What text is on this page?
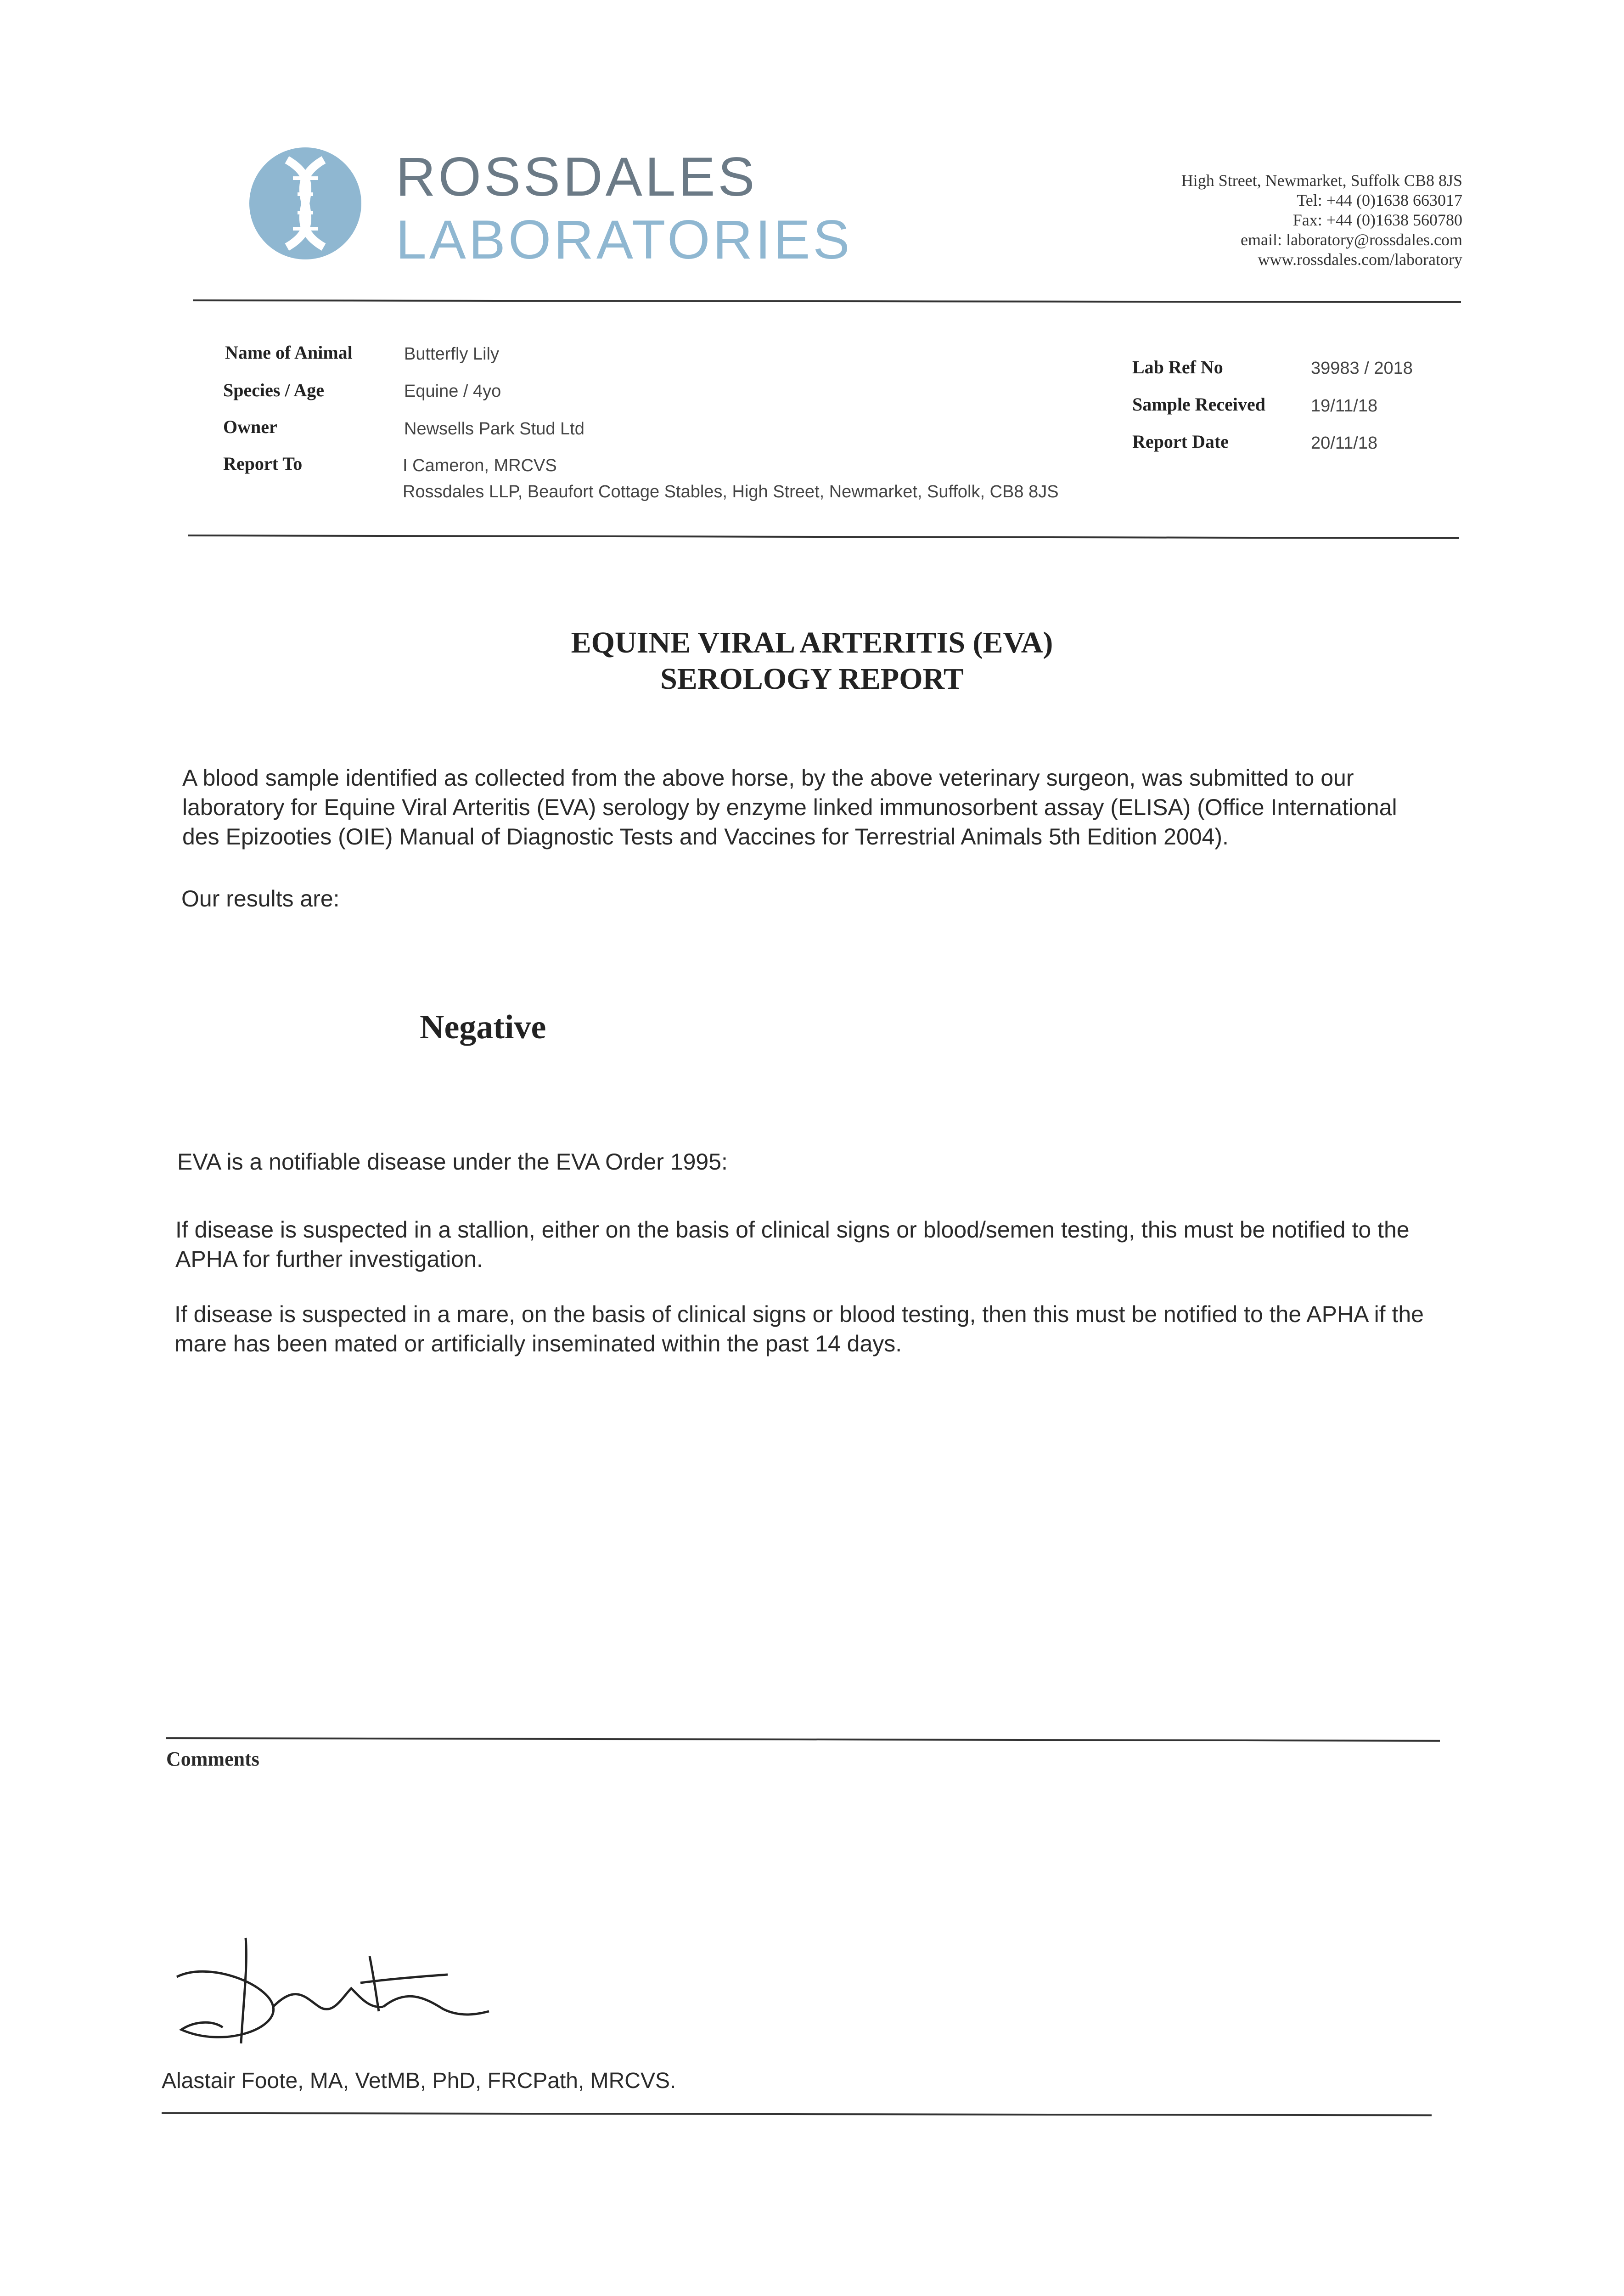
ROSSDALES
LABORATORIES
High Street, Newmarket, Suffolk CB8 8JS
Tel: +44 (0)1638 663017
Fax: +44 (0)1638 560780
email: laboratory@rossdales.com
www.rossdales.com/laboratory
Name of Animal	Butterfly Lily
Species / Age	Equine / 4yo
Owner	Newsells Park Stud Ltd
Report To	I Cameron, MRCVS
Rossdales LLP, Beaufort Cottage Stables, High Street, Newmarket, Suffolk, CB8 8JS
Lab Ref No	39983 / 2018
Sample Received	19/11/18
Report Date	20/11/18
EQUINE VIRAL ARTERITIS (EVA)
SEROLOGY REPORT
A blood sample identified as collected from the above horse, by the above veterinary surgeon, was submitted to our laboratory for Equine Viral Arteritis (EVA) serology by enzyme linked immunosorbent assay (ELISA) (Office International des Epizooties (OIE) Manual of Diagnostic Tests and Vaccines for Terrestrial Animals 5th Edition 2004).
Our results are:
Negative
EVA is a notifiable disease under the EVA Order 1995:
If disease is suspected in a stallion, either on the basis of clinical signs or blood/semen testing, this must be notified to the APHA for further investigation.
If disease is suspected in a mare, on the basis of clinical signs or blood testing, then this must be notified to the APHA if the mare has been mated or artificially inseminated within the past 14 days.
Comments
Alastair Foote, MA, VetMB, PhD, FRCPath, MRCVS.
